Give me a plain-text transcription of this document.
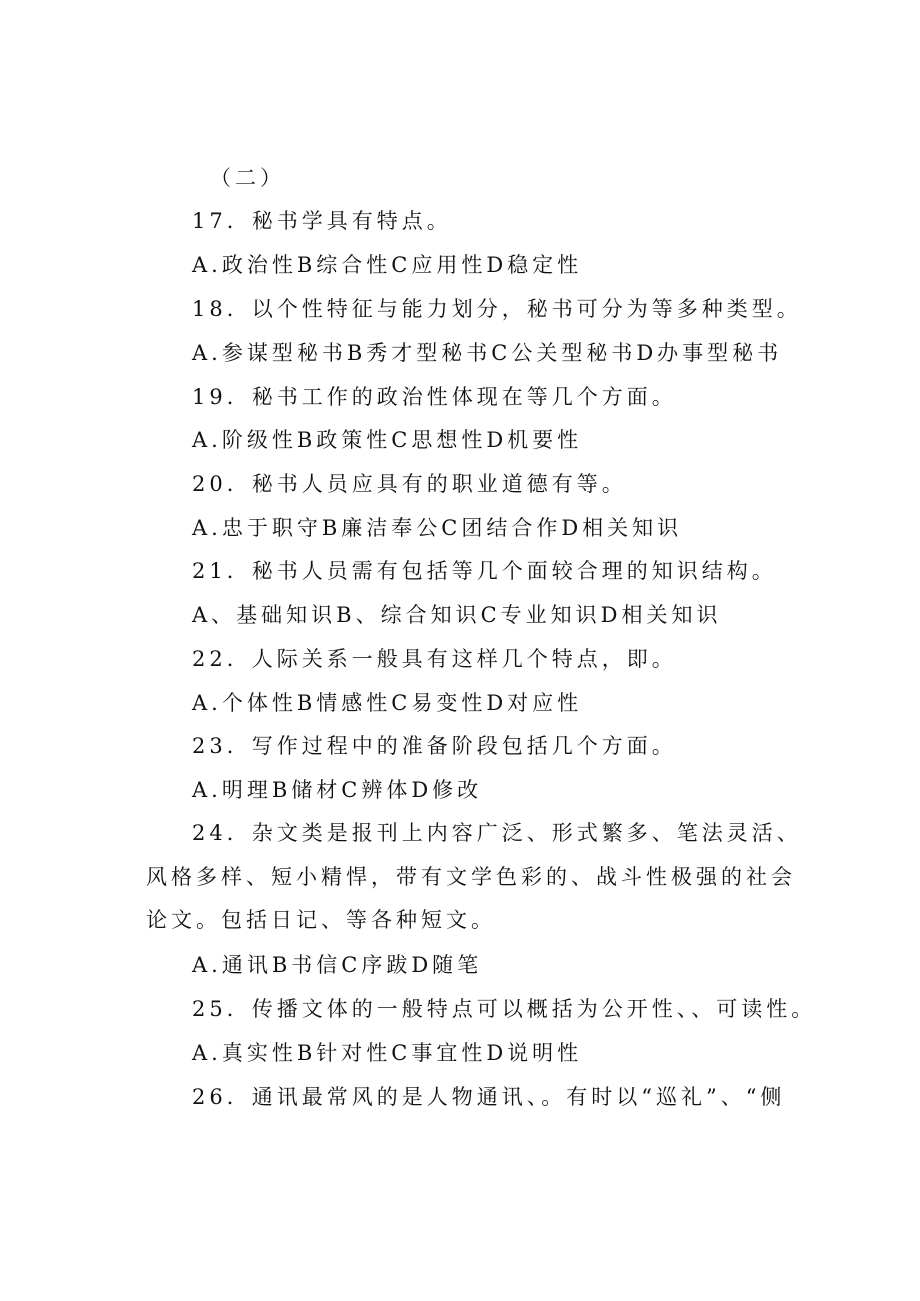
（二）
17．秘书学具有特点。
A.政治性B综合性C应用性D稳定性
18．以个性特征与能力划分，秘书可分为等多种类型。
A.参谋型秘书B秀才型秘书C公关型秘书D办事型秘书
19．秘书工作的政治性体现在等几个方面。
A.阶级性B政策性C思想性D机要性
20．秘书人员应具有的职业道德有等。
A.忠于职守B廉洁奉公C团结合作D相关知识
21．秘书人员需有包括等几个面较合理的知识结构。
A、基础知识B、综合知识C专业知识D相关知识
22．人际关系一般具有这样几个特点，即。
A.个体性B情感性C易变性D对应性
23．写作过程中的准备阶段包括几个方面。
A.明理B储材C辨体D修改
24．杂文类是报刊上内容广泛、形式繁多、笔法灵活、风格多样、短小精悍，带有文学色彩的、战斗性极强的社会论文。包括日记、等各种短文。
A.通讯B书信C序跋D随笔
25．传播文体的一般特点可以概括为公开性、、可读性。
A.真实性B针对性C事宜性D说明性
26．通讯最常风的是人物通讯、。有时以“巡礼”、“侧
